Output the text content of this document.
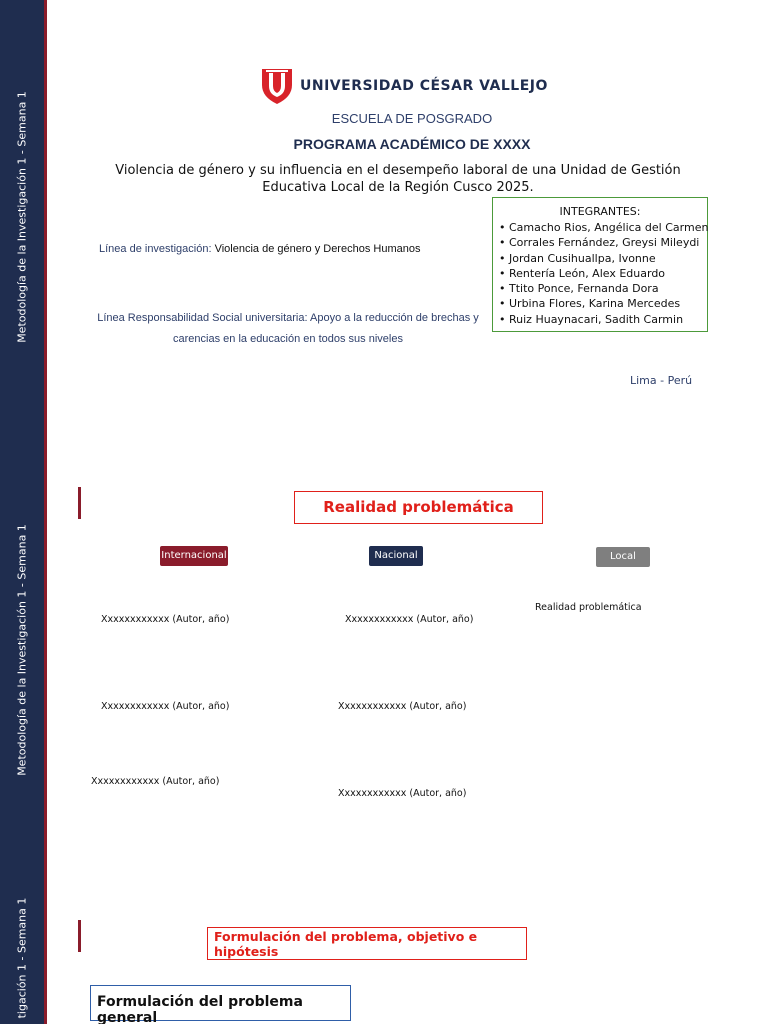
Metodología de la Investigación 1 - Semana 1
UNIVERSIDAD CÉSAR VALLEJO
ESCUELA DE POSGRADO
PROGRAMA ACADÉMICO DE XXXX
Violencia de género y su influencia en el desempeño laboral de una Unidad de Gestión Educativa Local de la Región Cusco 2025.
Línea de investigación: Violencia de género y Derechos Humanos
Línea Responsabilidad Social universitaria: Apoyo a la reducción de brechas y carencias en la educación en todos sus niveles
INTEGRANTES:
• Camacho Rios, Angélica del Carmen
• Corrales Fernández, Greysi Mileydi
• Jordan Cusihuallpa, Ivonne
• Rentería León, Alex Eduardo
• Ttito Ponce, Fernanda Dora
• Urbina Flores, Karina Mercedes
• Ruiz Huaynacari, Sadith Carmin
Lima - Perú
Metodología de la Investigación 1 - Semana 1
Realidad problemática
Internacional	Nacional	Local
Xxxxxxxxxxxx (Autor, año)
Xxxxxxxxxxxx (Autor, año)
Xxxxxxxxxxxx (Autor, año)
Xxxxxxxxxxxx (Autor, año)
Xxxxxxxxxxxx (Autor, año)
Xxxxxxxxxxxx (Autor, año)
Realidad problemática
tigación 1 - Semana 1	Formulación del problema, objetivo e hipótesis
Formulación del problema general
